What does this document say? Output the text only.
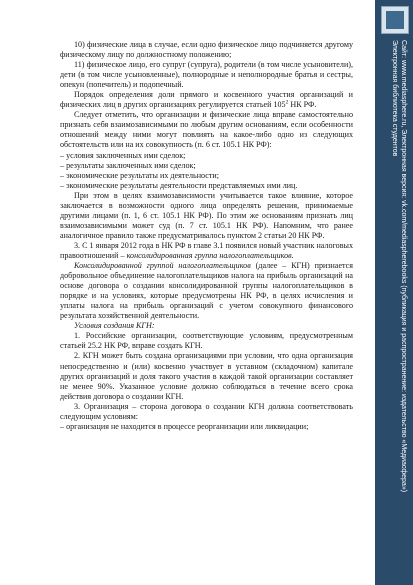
Сайт: www.mediasphere.ru, Электронная версия: vk.com/mediaspherebooks (публикация и распространение: издательство «Медиасфера»)
Электронная библиотека студентов

10) физические лица в случае, если одно физическое лицо подчиняется другому физическому лицу по должностному положению;

11) физическое лицо, его супруг (супруга), родители (в том числе усыновители), дети (в том числе усыновленные), полнородные и неполнородные братья и сестры, опекун (попечитель) и подопечный.

Порядок определения доли прямого и косвенного участия организаций и физических лиц в других организациях регулируется статьей $105^2$ НК РФ.

Следует отметить, что организации и физические лица вправе самостоятельно признать себя взаимозависимыми по любым другим основаниям, если особенности отношений между ними могут повлиять на какое-либо одно из следующих обстоятельств или на их совокупность (п. 6 ст. 105.1 НК РФ):

– условия заключенных ими сделок;

– результаты заключенных ими сделок;

– экономические результаты их деятельности;

– экономические результаты деятельности представляемых ими лиц.

При этом в целях взаимозависимости учитывается такое влияние, которое заключается в возможности одного лица определять решения, принимаемые другими лицами (п. 1, 6 ст. 105.1 НК РФ). По этим же основаниям признать лиц взаимозависимыми может суд (п. 7 ст. 105.1 НК РФ). Напомним, что ранее аналогичное правило также предусматривалось пунктом 2 статьи 20 НК РФ.

3. С 1 января 2012 года в НК РФ в главе 3.1 появился новый участник налоговых правоотношений – консолидированная группа налогоплательщиков.

Консолидированной группой налогоплательщиков (далее – КГН) признается добровольное объединение налогоплательщиков налога на прибыль организаций на основе договора о создании консолидированной группы налогоплательщиков в порядке и на условиях, которые предусмотрены НК РФ, в целях исчисления и уплаты налога на прибыль организаций с учетом совокупного финансового результата хозяйственной деятельности.

Условия создания КГН:

1. Российские организации, соответствующие условиям, предусмотренным статьей 25.2 НК РФ, вправе создать КГН.

2. КГН может быть создана организациями при условии, что одна организация непосредственно и (или) косвенно участвует в уставном (складочном) капитале других организаций и доля такого участия в каждой такой организации составляет не менее 90%. Указанное условие должно соблюдаться в течение всего срока действия договора о создании КГН.

3. Организация – сторона договора о создании КГН должна соответствовать следующим условиям:

– организация не находится в процессе реорганизации или ликвидации;
